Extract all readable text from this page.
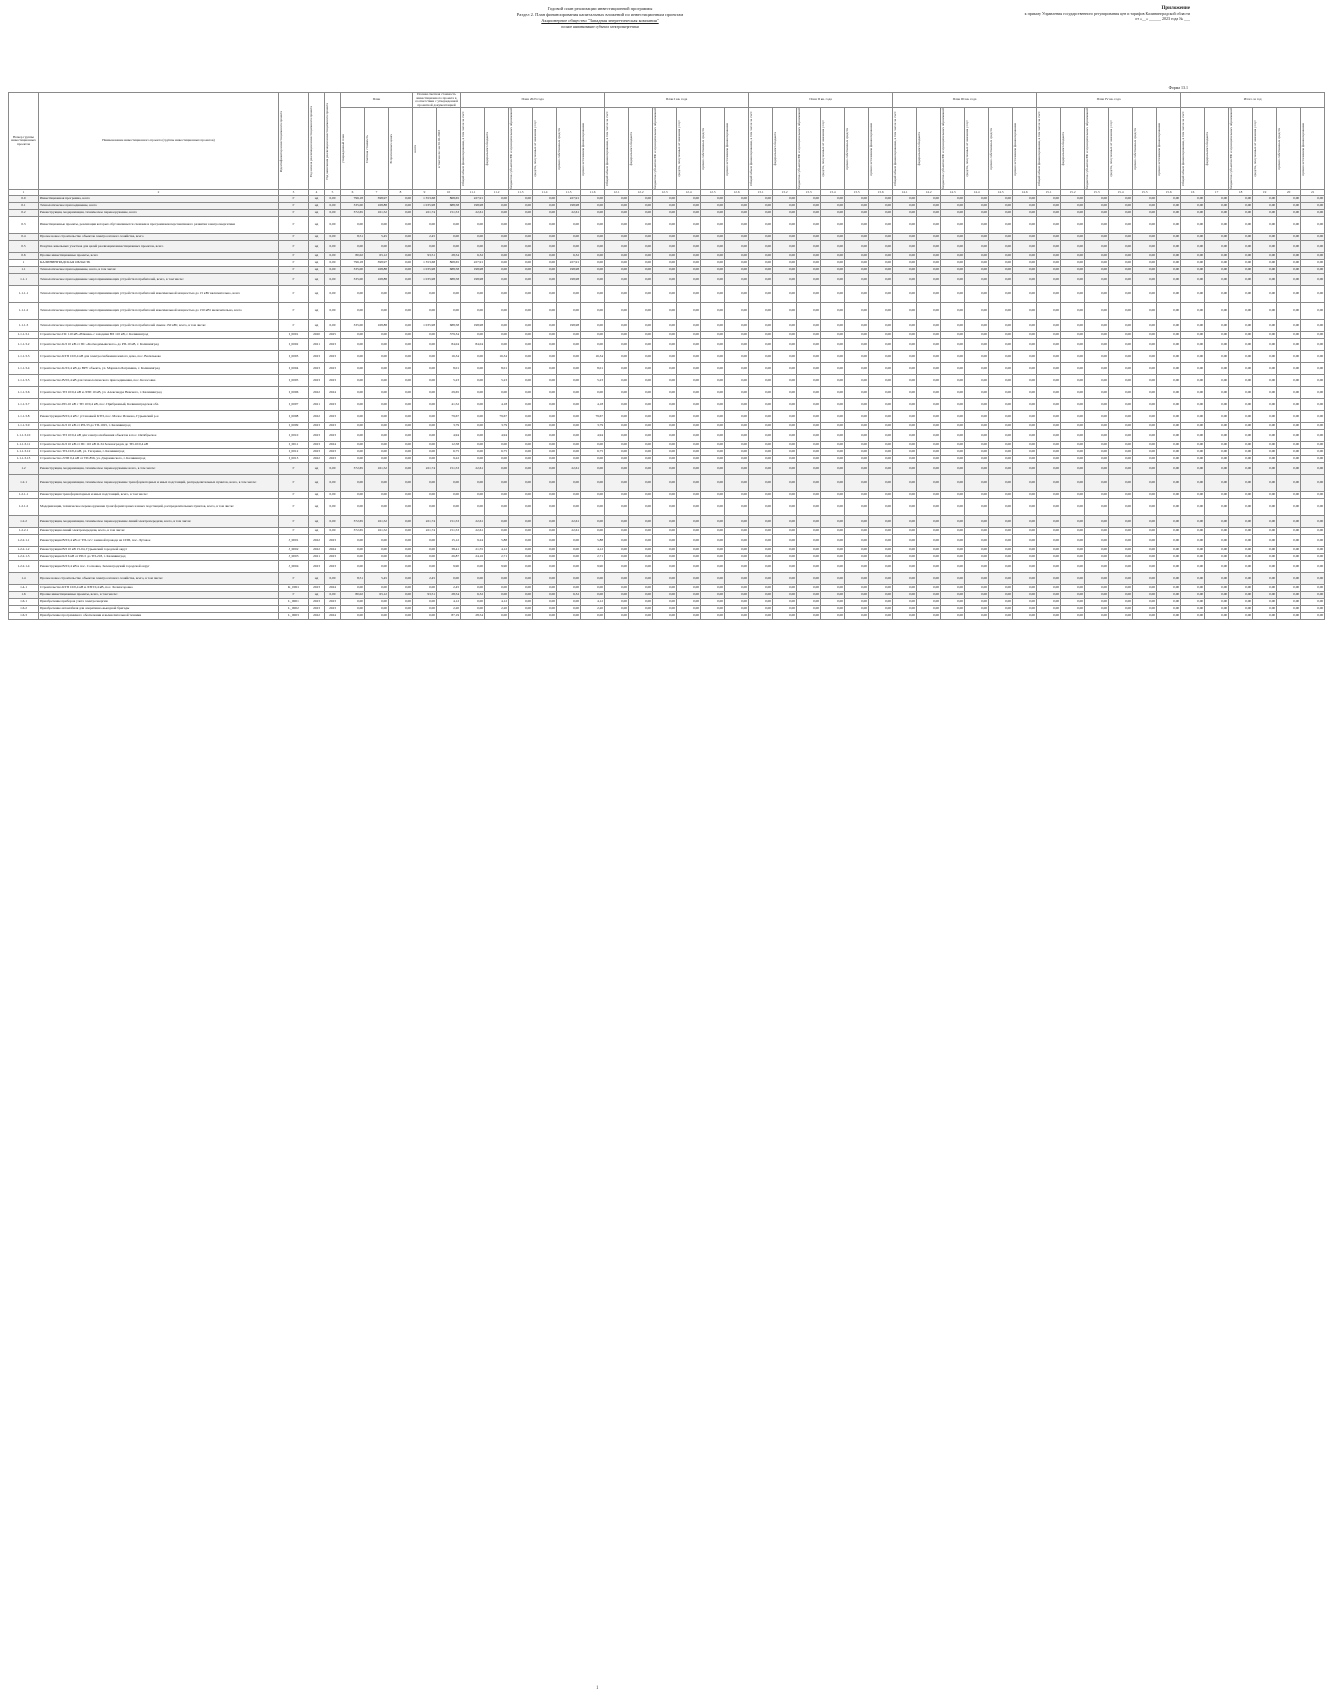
Приложение
к приказу Управления государственного регулирования цен и тарифов Калининградской области
от «__» ______ 2023 года № ___
Годовой план реализации инвестиционной программы
Раздел 2. План финансирования капитальных вложений по инвестиционным проектам
Акционерное общество "Западная энергетическая компания"
полное наименование субъекта электроэнергетики
Форма 13.1
Номер группы инвестиционных проектов	Наименование инвестиционного проекта (группы инвестиционных проектов)	Идентификатор инвестиционного проекта	Год начала реализации инвестиционного проекта	Год окончания реализации инвестиционного проекта	План			Полная сметная стоимость инвестиционного проекта в соответствии с утвержденной проектной документацией		План 2023 года						План I кв. года						План II кв. года						План III кв. года						План IV кв. года						Итого за год					

					утвержденный план	Сметная стоимость	В прогнозных ценах	всего	в том числе: на 01.01.2023	Общий объем финансирования, в том числе за счет:	федерального бюджета	бюджетов субъектов РФ и муниципальных образований	средств, полученных от оказания услуг	прочих собственных средств	прочих источников финансирования	Общий объем финансирования, в том числе за счет:	федерального бюджета	бюджетов субъектов РФ и муниципальных образований	средств, полученных от оказания услуг	прочих собственных средств	прочих источников финансирования	Общий объем финансирования, в том числе за счет:	федерального бюджета	бюджетов субъектов РФ и муниципальных образований	средств, полученных от оказания услуг	прочих собственных средств	прочих источников финансирования	Общий объем финансирования, в том числе за счет:	федерального бюджета	бюджетов субъектов РФ и муниципальных образований	средств, полученных от оказания услуг	прочих собственных средств	прочих источников финансирования	Общий объем финансирования, в том числе за счет:	федерального бюджета	бюджетов субъектов РФ и муниципальных образований	средств, полученных от оказания услуг	прочих собственных средств	прочих источников финансирования	Общий объем финансирования, в том числе за счет:	федерального бюджета	бюджетов субъектов РФ и муниципальных образований	средств, полученных от оказания услуг	прочих собственных средств	прочих источников финансирования

1	2	3	4	5	6	7	8	9	10	11.1	11.2	11.3	11.4	11.5	11.6	12.1	12.2	12.3	12.4	12.5	12.6	13.1	13.2	13.3	13.4	13.5	13.6	14.1	14.2	14.3	14.4	14.5	14.6	15.1	15.2	15.3	15.4	15.5	15.6	16	17	18	19	20	21
0.0	Инвестиционная программа, всего	Г	нд	0,00	796,18	398,97	0,00	1 353,68	868,65	227,91	0,00	0,00	0,00	227,91	0,00	0,00	0,00	0,00	0,00	0,00	0,00	0,00	0,00	0,00	0,00	0,00	0,00	0,00	0,00	0,00	0,00	0,00	0,00	0,00	0,00	0,00	0,00	0,00	0,00	0,00	0,00	0,00	0,00	0,00	0,00
0.1	Технологическое присоединение, всего	Г	нд	0,00	335,00	168,88	0,00	1 035,98	688,58	198,98	0,00	0,00	0,00	198,98	0,00	0,00	0,00	0,00	0,00	0,00	0,00	0,00	0,00	0,00	0,00	0,00	0,00	0,00	0,00	0,00	0,00	0,00	0,00	0,00	0,00	0,00	0,00	0,00	0,00	0,00	0,00	0,00	0,00	0,00	0,00
0.2	Реконструкция, модернизация, техническое перевооружение, всего	Г	нд	0,00	372,65	161,52	0,00	221,74	151,53	22,61	0,00	0,00	0,00	22,61	0,00	0,00	0,00	0,00	0,00	0,00	0,00	0,00	0,00	0,00	0,00	0,00	0,00	0,00	0,00	0,00	0,00	0,00	0,00	0,00	0,00	0,00	0,00	0,00	0,00	0,00	0,00	0,00	0,00	0,00	0,00
0.3	Инвестиционные проекты, реализация которых обуславливается схемами и программами перспективного развития электроэнергетики	Г	нд	0,00	0,00	0,00	0,00	0,00	0,00	0,00	0,00	0,00	0,00	0,00	0,00	0,00	0,00	0,00	0,00	0,00	0,00	0,00	0,00	0,00	0,00	0,00	0,00	0,00	0,00	0,00	0,00	0,00	0,00	0,00	0,00	0,00	0,00	0,00	0,00	0,00	0,00	0,00	0,00	0,00	0,00
0.4	Прочее новое строительство объектов электросетевого хозяйства, всего	Г	нд	0,00	8,51	5,45	0,00	2,45	0,00	0,00	0,00	0,00	0,00	0,00	0,00	0,00	0,00	0,00	0,00	0,00	0,00	0,00	0,00	0,00	0,00	0,00	0,00	0,00	0,00	0,00	0,00	0,00	0,00	0,00	0,00	0,00	0,00	0,00	0,00	0,00	0,00	0,00	0,00	0,00	0,00
0.5	Покупка земельных участков для целей реализации инвестиционных проектов, всего	Г	нд	0,00	0,00	0,00	0,00	0,00	0,00	0,00	0,00	0,00	0,00	0,00	0,00	0,00	0,00	0,00	0,00	0,00	0,00	0,00	0,00	0,00	0,00	0,00	0,00	0,00	0,00	0,00	0,00	0,00	0,00	0,00	0,00	0,00	0,00	0,00	0,00	0,00	0,00	0,00	0,00	0,00	0,00
0.6	Прочие инвестиционные проекты, всего	Г	нд	0,00	80,02	63,12	0,00	93,51	28,54	6,32	0,00	0,00	0,00	6,32	0,00	0,00	0,00	0,00	0,00	0,00	0,00	0,00	0,00	0,00	0,00	0,00	0,00	0,00	0,00	0,00	0,00	0,00	0,00	0,00	0,00	0,00	0,00	0,00	0,00	0,00	0,00	0,00	0,00	0,00	0,00
1	КАЛИНИНГРАДСКАЯ ОБЛАСТЬ	Г	нд	0,00	796,18	398,97	0,00	1 353,68	868,65	227,91	0,00	0,00	0,00	227,91	0,00	0,00	0,00	0,00	0,00	0,00	0,00	0,00	0,00	0,00	0,00	0,00	0,00	0,00	0,00	0,00	0,00	0,00	0,00	0,00	0,00	0,00	0,00	0,00	0,00	0,00	0,00	0,00	0,00	0,00	0,00
1.1	Технологическое присоединение, всего, в том числе:	Г	нд	0,00	335,00	168,88	0,00	1 035,98	688,58	198,98	0,00	0,00	0,00	198,98	0,00	0,00	0,00	0,00	0,00	0,00	0,00	0,00	0,00	0,00	0,00	0,00	0,00	0,00	0,00	0,00	0,00	0,00	0,00	0,00	0,00	0,00	0,00	0,00	0,00	0,00	0,00	0,00	0,00	0,00	0,00
1.1.1	Технологическое присоединение энергопринимающих устройств потребителей, всего, в том числе:	Г	нд	0,00	335,00	168,88	0,00	1 035,98	688,58	198,98	0,00	0,00	0,00	198,98	0,00	0,00	0,00	0,00	0,00	0,00	0,00	0,00	0,00	0,00	0,00	0,00	0,00	0,00	0,00	0,00	0,00	0,00	0,00	0,00	0,00	0,00	0,00	0,00	0,00	0,00	0,00	0,00	0,00	0,00	0,00
1.1.1.1	Технологическое присоединение энергопринимающих устройств потребителей максимальной мощностью до 15 кВт включительно, всего	Г	нд	0,00	0,00	0,00	0,00	0,00	0,00	0,00	0,00	0,00	0,00	0,00	0,00	0,00	0,00	0,00	0,00	0,00	0,00	0,00	0,00	0,00	0,00	0,00	0,00	0,00	0,00	0,00	0,00	0,00	0,00	0,00	0,00	0,00	0,00	0,00	0,00	0,00	0,00	0,00	0,00	0,00	0,00
1.1.1.2	Технологическое присоединение энергопринимающих устройств потребителей максимальной мощностью до 150 кВт включительно, всего	Г	нд	0,00	0,00	0,00	0,00	0,00	0,00	0,00	0,00	0,00	0,00	0,00	0,00	0,00	0,00	0,00	0,00	0,00	0,00	0,00	0,00	0,00	0,00	0,00	0,00	0,00	0,00	0,00	0,00	0,00	0,00	0,00	0,00	0,00	0,00	0,00	0,00	0,00	0,00	0,00	0,00	0,00	0,00
1.1.1.3	Технологическое присоединение энергопринимающих устройств потребителей свыше 150 кВт, всего, в том числе:	Г	нд	0,00	335,00	168,88	0,00	1 035,98	688,58	198,98	0,00	0,00	0,00	198,98	0,00	0,00	0,00	0,00	0,00	0,00	0,00	0,00	0,00	0,00	0,00	0,00	0,00	0,00	0,00	0,00	0,00	0,00	0,00	0,00	0,00	0,00	0,00	0,00	0,00	0,00	0,00	0,00	0,00	0,00	0,00
1.1.1.3.1	Строительство ПС 110 кВ «Южная» с заходами ВЛ 110 кВ, г. Калининград	I_0001	2020	2025	0,00	0,00	0,00	0,00	379,34	0,00	0,00	0,00	0,00	0,00	0,00	0,00	0,00	0,00	0,00	0,00	0,00	0,00	0,00	0,00	0,00	0,00	0,00	0,00	0,00	0,00	0,00	0,00	0,00	0,00	0,00	0,00	0,00	0,00	0,00	0,00	0,00	0,00	0,00	0,00	0,00
1.1.1.3.2	Строительство КЛ 10 кВ от ПС «Космодемьянского» до РП-10 кВ, г. Калининград	I_0002	2021	2023	0,00	0,00	0,00	0,00	84,04	84,04	0,00	0,00	0,00	0,00	0,00	0,00	0,00	0,00	0,00	0,00	0,00	0,00	0,00	0,00	0,00	0,00	0,00	0,00	0,00	0,00	0,00	0,00	0,00	0,00	0,00	0,00	0,00	0,00	0,00	0,00	0,00	0,00	0,00	0,00	0,00
1.1.1.3.3	Строительство КТП 10/0,4 кВ для электроснабжения жилого дома, пос. Васильково	I_0003	2023	2023	0,00	0,00	0,00	0,00	16,34	0,00	16,34	0,00	0,00	0,00	16,34	0,00	0,00	0,00	0,00	0,00	0,00	0,00	0,00	0,00	0,00	0,00	0,00	0,00	0,00	0,00	0,00	0,00	0,00	0,00	0,00	0,00	0,00	0,00	0,00	0,00	0,00	0,00	0,00	0,00	0,00
1.1.1.3.4	Строительство КЛ 0,4 кВ до ВРУ объекта, ул. Маршала Баграмяна, г. Калининград	I_0004	2023	2023	0,00	0,00	0,00	0,00	8,01	0,00	8,01	0,00	0,00	0,00	8,01	0,00	0,00	0,00	0,00	0,00	0,00	0,00	0,00	0,00	0,00	0,00	0,00	0,00	0,00	0,00	0,00	0,00	0,00	0,00	0,00	0,00	0,00	0,00	0,00	0,00	0,00	0,00	0,00	0,00	0,00
1.1.1.3.5	Строительство ВЛ 0,4 кВ для технологического присоединения, пос. Колосовка	I_0005	2023	2023	0,00	0,00	0,00	0,00	5,23	0,00	5,23	0,00	0,00	0,00	5,23	0,00	0,00	0,00	0,00	0,00	0,00	0,00	0,00	0,00	0,00	0,00	0,00	0,00	0,00	0,00	0,00	0,00	0,00	0,00	0,00	0,00	0,00	0,00	0,00	0,00	0,00	0,00	0,00	0,00	0,00
1.1.1.3.6	Строительство ТП 10/0,4 кВ и ЛЭП 10 кВ, ул. Александра Невского, г. Калининград	I_0006	2022	2024	0,00	0,00	0,00	0,00	29,65	0,00	0,00	0,00	0,00	0,00	0,00	0,00	0,00	0,00	0,00	0,00	0,00	0,00	0,00	0,00	0,00	0,00	0,00	0,00	0,00	0,00	0,00	0,00	0,00	0,00	0,00	0,00	0,00	0,00	0,00	0,00	0,00	0,00	0,00	0,00	0,00
1.1.1.3.7	Строительство РП-10 кВ с ТП 10/0,4 кВ, пос. Прибрежный, Калининградская обл.	I_0007	2021	2023	0,00	0,00	0,00	0,00	41,52	0,00	4,18	0,00	0,00	0,00	4,18	0,00	0,00	0,00	0,00	0,00	0,00	0,00	0,00	0,00	0,00	0,00	0,00	0,00	0,00	0,00	0,00	0,00	0,00	0,00	0,00	0,00	0,00	0,00	0,00	0,00	0,00	0,00	0,00	0,00	0,00
1.1.1.3.8	Реконструкция ВЛ 0,4 кВ с установкой КТП, пос. Малое Исаково, Гурьевский р-н	I_0008	2022	2023	0,00	0,00	0,00	0,00	79,67	0,00	79,67	0,00	0,00	0,00	79,67	0,00	0,00	0,00	0,00	0,00	0,00	0,00	0,00	0,00	0,00	0,00	0,00	0,00	0,00	0,00	0,00	0,00	0,00	0,00	0,00	0,00	0,00	0,00	0,00	0,00	0,00	0,00	0,00	0,00	0,00
1.1.1.3.9	Строительство КЛ 10 кВ от РП-33 до ТП-1025, г. Калининград	I_0009	2023	2023	0,00	0,00	0,00	0,00	3,79	0,00	3,79	0,00	0,00	0,00	3,79	0,00	0,00	0,00	0,00	0,00	0,00	0,00	0,00	0,00	0,00	0,00	0,00	0,00	0,00	0,00	0,00	0,00	0,00	0,00	0,00	0,00	0,00	0,00	0,00	0,00	0,00	0,00	0,00	0,00	0,00
1.1.1.3.10	Строительство ТП 10/0,4 кВ для электроснабжения объектов в пос. Октябрьское	I_0010	2023	2023	0,00	0,00	0,00	0,00	4,94	0,00	4,94	0,00	0,00	0,00	4,94	0,00	0,00	0,00	0,00	0,00	0,00	0,00	0,00	0,00	0,00	0,00	0,00	0,00	0,00	0,00	0,00	0,00	0,00	0,00	0,00	0,00	0,00	0,00	0,00	0,00	0,00	0,00	0,00	0,00	0,00
1.1.1.3.11	Строительство КЛ 10 кВ от ПС 110 кВ О-34 Зеленоградск до ТП-10/0,4 кВ	I_0011	2023	2024	0,00	0,00	0,00	0,00	12,58	0,00	0,00	0,00	0,00	0,00	0,00	0,00	0,00	0,00	0,00	0,00	0,00	0,00	0,00	0,00	0,00	0,00	0,00	0,00	0,00	0,00	0,00	0,00	0,00	0,00	0,00	0,00	0,00	0,00	0,00	0,00	0,00	0,00	0,00	0,00	0,00
1.1.1.3.12	Строительство ТП-10/0,4 кВ, ул. Гагарина, г. Калининград	I_0012	2023	2023	0,00	0,00	0,00	0,00	6,75	0,00	6,75	0,00	0,00	0,00	6,75	0,00	0,00	0,00	0,00	0,00	0,00	0,00	0,00	0,00	0,00	0,00	0,00	0,00	0,00	0,00	0,00	0,00	0,00	0,00	0,00	0,00	0,00	0,00	0,00	0,00	0,00	0,00	0,00	0,00	0,00
1.1.1.3.13	Строительство ЛЭП 0,4 кВ от ТП-856, ул. Дзержинского, г. Калининград	I_0013	2022	2023	0,00	0,00	0,00	0,00	9,22	0,00	0,00	0,00	0,00	0,00	0,00	0,00	0,00	0,00	0,00	0,00	0,00	0,00	0,00	0,00	0,00	0,00	0,00	0,00	0,00	0,00	0,00	0,00	0,00	0,00	0,00	0,00	0,00	0,00	0,00	0,00	0,00	0,00	0,00	0,00	0,00
1.2	Реконструкция, модернизация, техническое перевооружение всего, в том числе:	Г	нд	0,00	372,65	161,52	0,00	221,74	151,53	22,61	0,00	0,00	0,00	22,61	0,00	0,00	0,00	0,00	0,00	0,00	0,00	0,00	0,00	0,00	0,00	0,00	0,00	0,00	0,00	0,00	0,00	0,00	0,00	0,00	0,00	0,00	0,00	0,00	0,00	0,00	0,00	0,00	0,00	0,00	0,00
1.2.1	Реконструкция, модернизация, техническое перевооружение трансформаторных и иных подстанций, распределительных пунктов, всего, в том числе:	Г	нд	0,00	0,00	0,00	0,00	0,00	0,00	0,00	0,00	0,00	0,00	0,00	0,00	0,00	0,00	0,00	0,00	0,00	0,00	0,00	0,00	0,00	0,00	0,00	0,00	0,00	0,00	0,00	0,00	0,00	0,00	0,00	0,00	0,00	0,00	0,00	0,00	0,00	0,00	0,00	0,00	0,00	0,00
1.2.1.1	Реконструкция трансформаторных и иных подстанций, всего, в том числе:	Г	нд	0,00	0,00	0,00	0,00	0,00	0,00	0,00	0,00	0,00	0,00	0,00	0,00	0,00	0,00	0,00	0,00	0,00	0,00	0,00	0,00	0,00	0,00	0,00	0,00	0,00	0,00	0,00	0,00	0,00	0,00	0,00	0,00	0,00	0,00	0,00	0,00	0,00	0,00	0,00	0,00	0,00	0,00
1.2.1.2	Модернизация, техническое перевооружение трансформаторных и иных подстанций, распределительных пунктов, всего, в том числе:	Г	нд	0,00	0,00	0,00	0,00	0,00	0,00	0,00	0,00	0,00	0,00	0,00	0,00	0,00	0,00	0,00	0,00	0,00	0,00	0,00	0,00	0,00	0,00	0,00	0,00	0,00	0,00	0,00	0,00	0,00	0,00	0,00	0,00	0,00	0,00	0,00	0,00	0,00	0,00	0,00	0,00	0,00	0,00
1.2.2	Реконструкция, модернизация, техническое перевооружение линий электропередачи, всего, в том числе:	Г	нд	0,00	372,65	161,52	0,00	221,74	151,53	22,61	0,00	0,00	0,00	22,61	0,00	0,00	0,00	0,00	0,00	0,00	0,00	0,00	0,00	0,00	0,00	0,00	0,00	0,00	0,00	0,00	0,00	0,00	0,00	0,00	0,00	0,00	0,00	0,00	0,00	0,00	0,00	0,00	0,00	0,00	0,00
1.2.2.1	Реконструкция линий электропередачи, всего, в том числе:	Г	нд	0,00	372,65	161,52	0,00	221,74	151,53	22,61	0,00	0,00	0,00	22,61	0,00	0,00	0,00	0,00	0,00	0,00	0,00	0,00	0,00	0,00	0,00	0,00	0,00	0,00	0,00	0,00	0,00	0,00	0,00	0,00	0,00	0,00	0,00	0,00	0,00	0,00	0,00	0,00	0,00	0,00	0,00
1.2.2.1.1	Реконструкция ВЛ 0,4 кВ от ТП-12 с заменой провода на СИП, пос. Луговое	J_0001	2022	2023	0,00	0,00	0,00	0,00	15,12	9,24	5,88	0,00	0,00	0,00	5,88	0,00	0,00	0,00	0,00	0,00	0,00	0,00	0,00	0,00	0,00	0,00	0,00	0,00	0,00	0,00	0,00	0,00	0,00	0,00	0,00	0,00	0,00	0,00	0,00	0,00	0,00	0,00	0,00	0,00	0,00
1.2.2.1.2	Реконструкция ВЛ 10 кВ 15-04, Гурьевский городской округ	J_0002	2022	2024	0,00	0,00	0,00	0,00	38,41	21,55	4,12	0,00	0,00	0,00	4,12	0,00	0,00	0,00	0,00	0,00	0,00	0,00	0,00	0,00	0,00	0,00	0,00	0,00	0,00	0,00	0,00	0,00	0,00	0,00	0,00	0,00	0,00	0,00	0,00	0,00	0,00	0,00	0,00	0,00	0,00
1.2.2.1.3	Реконструкция КЛ 6 кВ от РП-5 до ТП-218, г. Калининград	J_0003	2021	2023	0,00	0,00	0,00	0,00	26,87	24,16	2,71	0,00	0,00	0,00	2,71	0,00	0,00	0,00	0,00	0,00	0,00	0,00	0,00	0,00	0,00	0,00	0,00	0,00	0,00	0,00	0,00	0,00	0,00	0,00	0,00	0,00	0,00	0,00	0,00	0,00	0,00	0,00	0,00	0,00	0,00
1.2.2.1.4	Реконструкция ВЛ 0,4 кВ в пос. Сосновка, Зеленоградский городской округ	J_0004	2023	2023	0,00	0,00	0,00	0,00	9,90	0,00	9,90	0,00	0,00	0,00	9,90	0,00	0,00	0,00	0,00	0,00	0,00	0,00	0,00	0,00	0,00	0,00	0,00	0,00	0,00	0,00	0,00	0,00	0,00	0,00	0,00	0,00	0,00	0,00	0,00	0,00	0,00	0,00	0,00	0,00	0,00
1.4	Прочее новое строительство объектов электросетевого хозяйства, всего, в том числе:	Г	нд	0,00	8,51	5,45	0,00	2,45	0,00	0,00	0,00	0,00	0,00	0,00	0,00	0,00	0,00	0,00	0,00	0,00	0,00	0,00	0,00	0,00	0,00	0,00	0,00	0,00	0,00	0,00	0,00	0,00	0,00	0,00	0,00	0,00	0,00	0,00	0,00	0,00	0,00	0,00	0,00	0,00	0,00
1.4.1	Строительство КТП 10/0,4 кВ и ЛЭП 0,4 кВ, пос. Холмогоровка	K_0001	2023	2024	0,00	0,00	0,00	0,00	2,45	0,00	0,00	0,00	0,00	0,00	0,00	0,00	0,00	0,00	0,00	0,00	0,00	0,00	0,00	0,00	0,00	0,00	0,00	0,00	0,00	0,00	0,00	0,00	0,00	0,00	0,00	0,00	0,00	0,00	0,00	0,00	0,00	0,00	0,00	0,00	0,00
1.6	Прочие инвестиционные проекты, всего, в том числе:	Г	нд	0,00	80,02	63,12	0,00	93,51	28,54	6,32	0,00	0,00	0,00	6,32	0,00	0,00	0,00	0,00	0,00	0,00	0,00	0,00	0,00	0,00	0,00	0,00	0,00	0,00	0,00	0,00	0,00	0,00	0,00	0,00	0,00	0,00	0,00	0,00	0,00	0,00	0,00	0,00	0,00	0,00	0,00
1.6.1	Приобретение приборов учета электроэнергии	L_0001	2023	2023	0,00	0,00	0,00	0,00	4,12	0,00	4,12	0,00	0,00	0,00	4,12	0,00	0,00	0,00	0,00	0,00	0,00	0,00	0,00	0,00	0,00	0,00	0,00	0,00	0,00	0,00	0,00	0,00	0,00	0,00	0,00	0,00	0,00	0,00	0,00	0,00	0,00	0,00	0,00	0,00	0,00
1.6.2	Приобретение автомобиля для оперативно-выездной бригады	L_0002	2023	2023	0,00	0,00	0,00	0,00	2,20	0,00	2,20	0,00	0,00	0,00	2,20	0,00	0,00	0,00	0,00	0,00	0,00	0,00	0,00	0,00	0,00	0,00	0,00	0,00	0,00	0,00	0,00	0,00	0,00	0,00	0,00	0,00	0,00	0,00	0,00	0,00	0,00	0,00	0,00	0,00	0,00
1.6.3	Приобретение программного обеспечения и вычислительной техники	L_0003	2022	2024	0,00	0,00	0,00	0,00	87,19	28,54	0,00	0,00	0,00	0,00	0,00	0,00	0,00	0,00	0,00	0,00	0,00	0,00	0,00	0,00	0,00	0,00	0,00	0,00	0,00	0,00	0,00	0,00	0,00	0,00	0,00	0,00	0,00	0,00	0,00	0,00	0,00	0,00	0,00	0,00	0,00
1
